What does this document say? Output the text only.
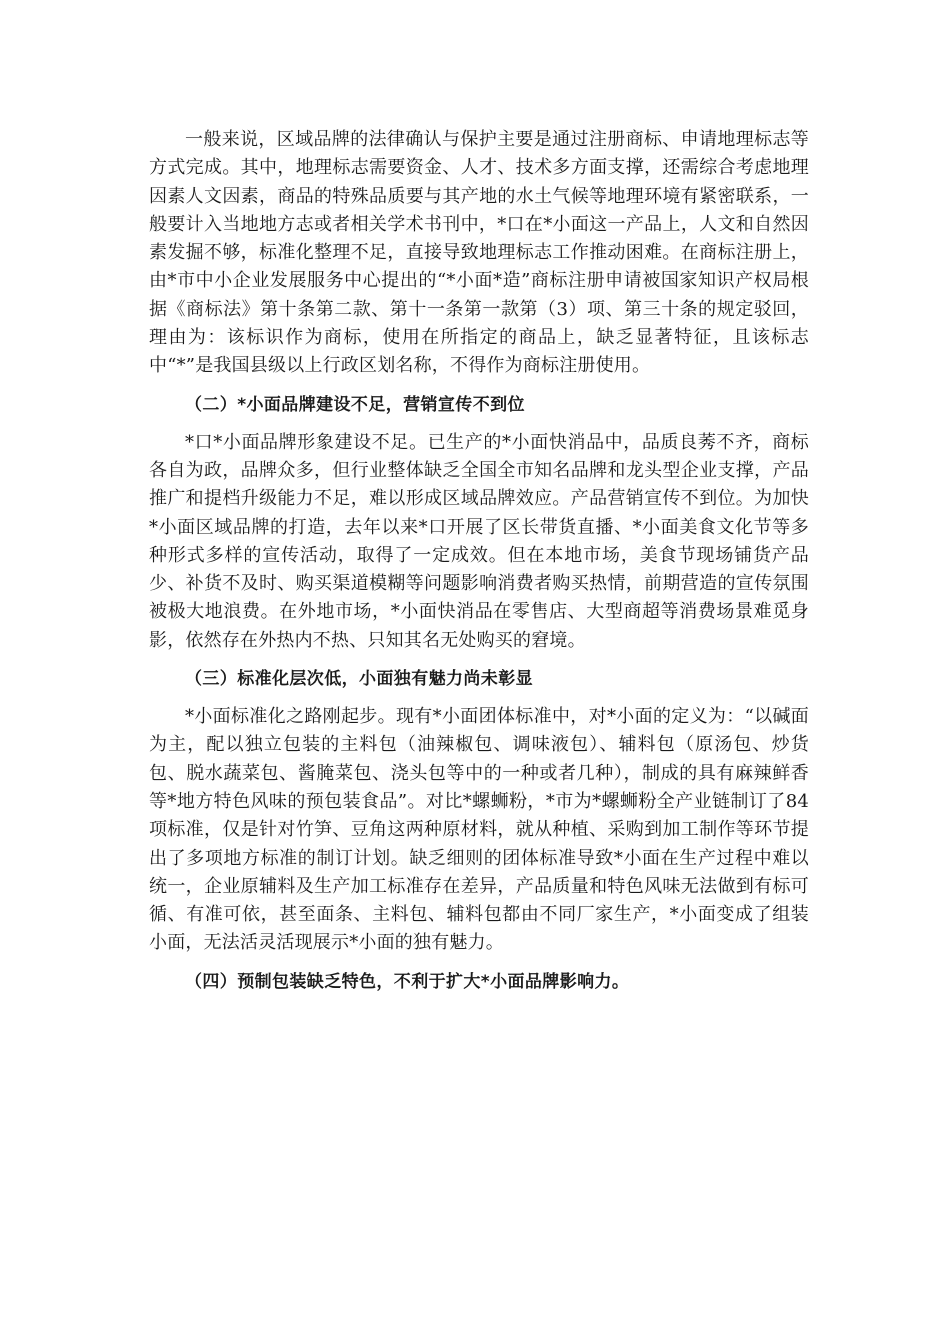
一般来说，区域品牌的法律确认与保护主要是通过注册商标、申请地理标志等方式完成。其中，地理标志需要资金、人才、技术多方面支撑，还需综合考虑地理因素人文因素，商品的特殊品质要与其产地的水土气候等地理环境有紧密联系，一般要计入当地地方志或者相关学术书刊中，*口在*小面这一产品上，人文和自然因素发掘不够，标准化整理不足，直接导致地理标志工作推动困难。在商标注册上，由*市中小企业发展服务中心提出的“*小面*造”商标注册申请被国家知识产权局根据《商标法》第十条第二款、第十一条第一款第（3）项、第三十条的规定驳回，理由为：该标识作为商标，使用在所指定的商品上，缺乏显著特征，且该标志中“*”是我国县级以上行政区划名称，不得作为商标注册使用。

（二）*小面品牌建设不足，营销宣传不到位

*口*小面品牌形象建设不足。已生产的*小面快消品中，品质良莠不齐，商标各自为政，品牌众多，但行业整体缺乏全国全市知名品牌和龙头型企业支撑，产品推广和提档升级能力不足，难以形成区域品牌效应。产品营销宣传不到位。为加快*小面区域品牌的打造，去年以来*口开展了区长带货直播、*小面美食文化节等多种形式多样的宣传活动，取得了一定成效。但在本地市场，美食节现场铺货产品少、补货不及时、购买渠道模糊等问题影响消费者购买热情，前期营造的宣传氛围被极大地浪费。在外地市场，*小面快消品在零售店、大型商超等消费场景难觅身影，依然存在外热内不热、只知其名无处购买的窘境。

（三）标准化层次低，小面独有魅力尚未彰显

*小面标准化之路刚起步。现有*小面团体标准中，对*小面的定义为：“以碱面为主，配以独立包装的主料包（油辣椒包、调味液包）、辅料包（原汤包、炒货包、脱水蔬菜包、酱腌菜包、浇头包等中的一种或者几种），制成的具有麻辣鲜香等*地方特色风味的预包装食品”。对比*螺蛳粉，*市为*螺蛳粉全产业链制订了84项标准，仅是针对竹笋、豆角这两种原材料，就从种植、采购到加工制作等环节提出了多项地方标准的制订计划。缺乏细则的团体标准导致*小面在生产过程中难以统一，企业原辅料及生产加工标准存在差异，产品质量和特色风味无法做到有标可循、有准可依，甚至面条、主料包、辅料包都由不同厂家生产，*小面变成了组装小面，无法活灵活现展示*小面的独有魅力。

（四）预制包装缺乏特色，不利于扩大*小面品牌影响力。
